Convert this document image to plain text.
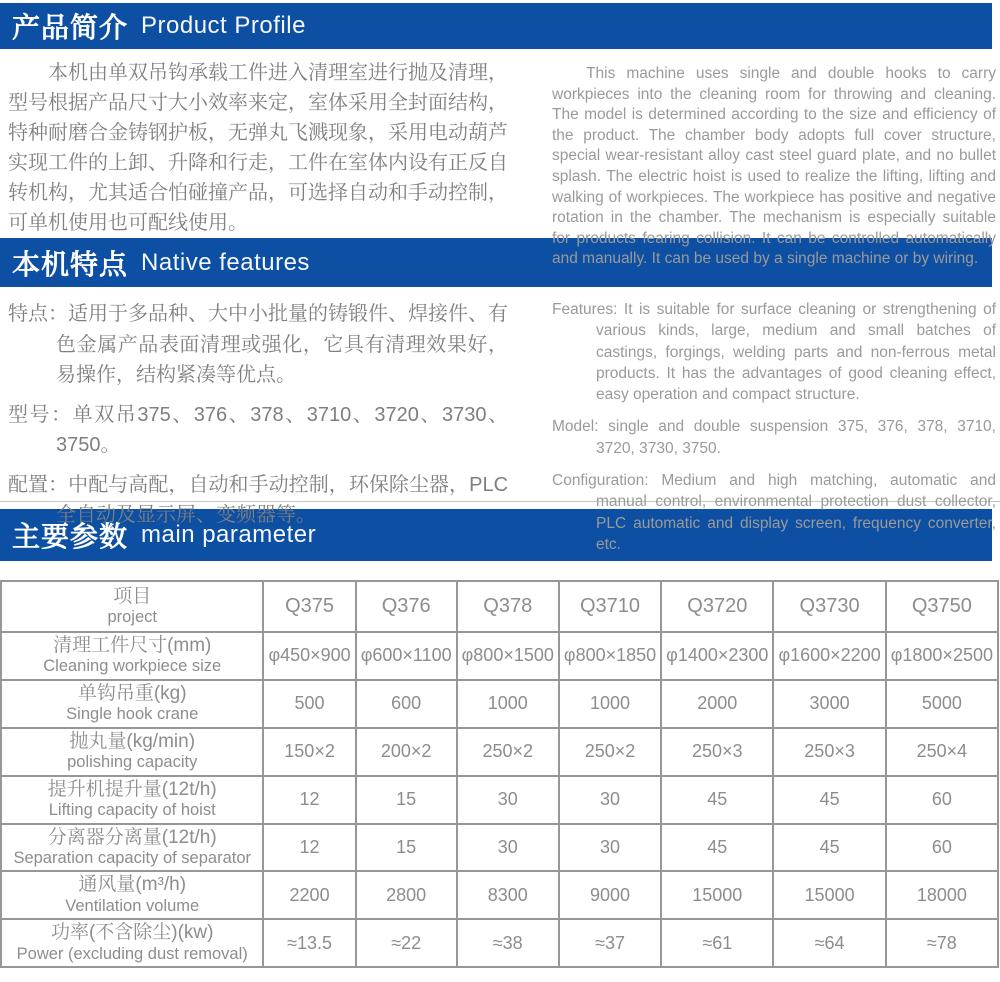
产品简介 Product Profile

本机由单双吊钩承载工件进入清理室进行抛及清理，型号根据产品尺寸大小效率来定，室体采用全封面结构，特种耐磨合金铸钢护板，无弹丸飞溅现象，采用电动葫芦实现工件的上卸、升降和行走，工件在室体内设有正反自转机构，尤其适合怕碰撞产品，可选择自动和手动控制，可单机使用也可配线使用。

This machine uses single and double hooks to carry workpieces into the cleaning room for throwing and cleaning. The model is determined according to the size and efficiency of the product. The chamber body adopts full cover structure, special wear-resistant alloy cast steel guard plate, and no bullet splash. The electric hoist is used to realize the lifting, lifting and walking of workpieces. The workpiece has positive and negative rotation in the chamber. The mechanism is especially suitable for products fearing collision. It can be controlled automatically and manually. It can be used by a single machine or by wiring.

本机特点 Native features

特点：适用于多品种、大中小批量的铸锻件、焊接件、有色金属产品表面清理或强化，它具有清理效果好，易操作，结构紧凑等优点。

型号：单双吊375、376、378、3710、3720、3730、3750。

配置：中配与高配，自动和手动控制，环保除尘器，PLC全自动及显示屏、变频器等。

Features: It is suitable for surface cleaning or strengthening of various kinds, large, medium and small batches of castings, forgings, welding parts and non-ferrous metal products. It has the advantages of good cleaning effect, easy operation and compact structure.

Model: single and double suspension 375, 376, 378, 3710, 3720, 3730, 3750.

Configuration: Medium and high matching, automatic and manual control, environmental protection dust collector, PLC automatic and display screen, frequency converter, etc.

主要参数 main parameter
项目
project	Q375	Q376	Q378	Q3710	Q3720	Q3730	Q3750

清理工件尺寸(mm)
Cleaning workpiece size	φ450×900	φ600×1100	φ800×1500	φ800×1850	φ1400×2300	φ1600×2200	φ1800×2500

单钩吊重(kg)
Single hook crane	500	600	1000	1000	2000	3000	5000

抛丸量(kg/min)
polishing capacity	150×2	200×2	250×2	250×2	250×3	250×3	250×4

提升机提升量(12t/h)
Lifting capacity of hoist	12	15	30	30	45	45	60

分离器分离量(12t/h)
Separation capacity of separator	12	15	30	30	45	45	60

通风量(m³/h)
Ventilation volume	2200	2800	8300	9000	15000	15000	18000

功率(不含除尘)(kw)
Power (excluding dust removal)	≈13.5	≈22	≈38	≈37	≈61	≈64	≈78
